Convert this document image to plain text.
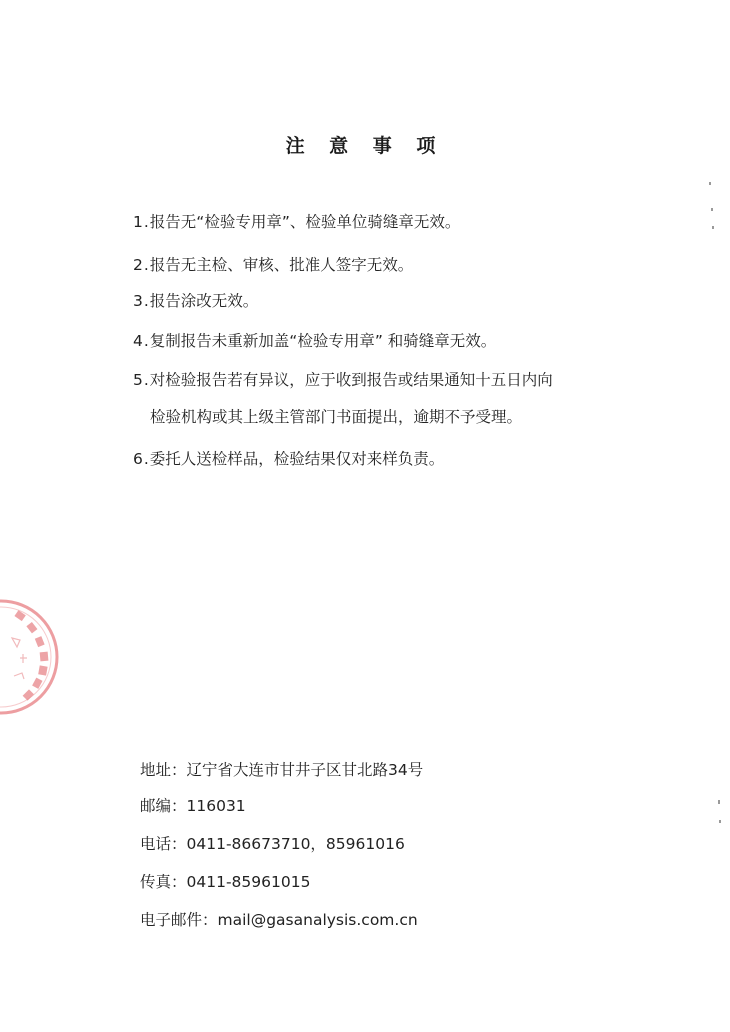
注 意 事 项
1.报告无“检验专用章”、检验单位骑缝章无效。
2.报告无主检、审核、批准人签字无效。
3.报告涂改无效。
4.复制报告未重新加盖“检验专用章” 和骑缝章无效。
5.对检验报告若有异议，应于收到报告或结果通知十五日内向
检验机构或其上级主管部门书面提出，逾期不予受理。
6.委托人送检样品，检验结果仅对来样负责。
地址：辽宁省大连市甘井子区甘北路34号
邮编：116031
电话：0411-86673710，85961016
传真：0411-85961015
电子邮件：mail@gasanalysis.com.cn
